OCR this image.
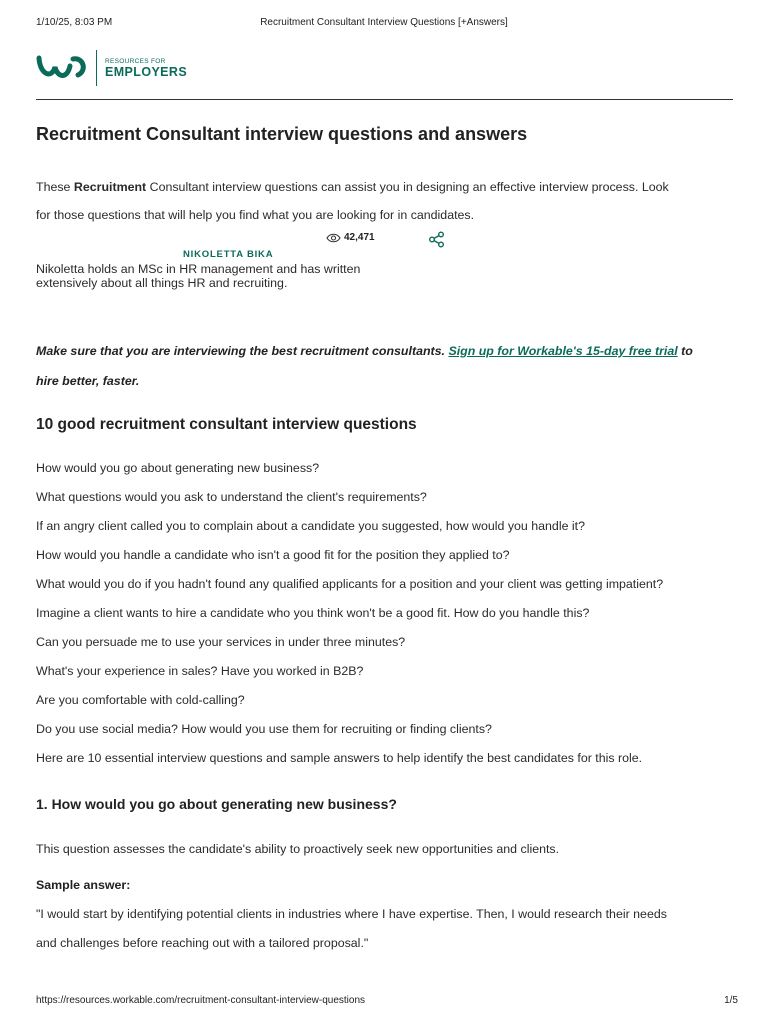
1/10/25, 8:03 PM	Recruitment Consultant Interview Questions [+Answers]
RESOURCES FOR
EMPLOYERS
Recruitment Consultant interview questions and answers
These Recruitment Consultant interview questions can assist you in designing an effective interview process. Look
for those questions that will help you find what you are looking for in candidates.
42,471
NIKOLETTA BIKA
Nikoletta holds an MSc in HR management and has written extensively about all things HR and recruiting.
Make sure that you are interviewing the best recruitment consultants. Sign up for Workable's 15-day free trial to
hire better, faster.
10 good recruitment consultant interview questions
How would you go about generating new business?
What questions would you ask to understand the client's requirements?
If an angry client called you to complain about a candidate you suggested, how would you handle it?
How would you handle a candidate who isn't a good fit for the position they applied to?
What would you do if you hadn't found any qualified applicants for a position and your client was getting impatient?
Imagine a client wants to hire a candidate who you think won't be a good fit. How do you handle this?
Can you persuade me to use your services in under three minutes?
What's your experience in sales? Have you worked in B2B?
Are you comfortable with cold-calling?
Do you use social media? How would you use them for recruiting or finding clients?
Here are 10 essential interview questions and sample answers to help identify the best candidates for this role.
1. How would you go about generating new business?
This question assesses the candidate's ability to proactively seek new opportunities and clients.
Sample answer:
"I would start by identifying potential clients in industries where I have expertise. Then, I would research their needs
and challenges before reaching out with a tailored proposal."
https://resources.workable.com/recruitment-consultant-interview-questions	1/5
